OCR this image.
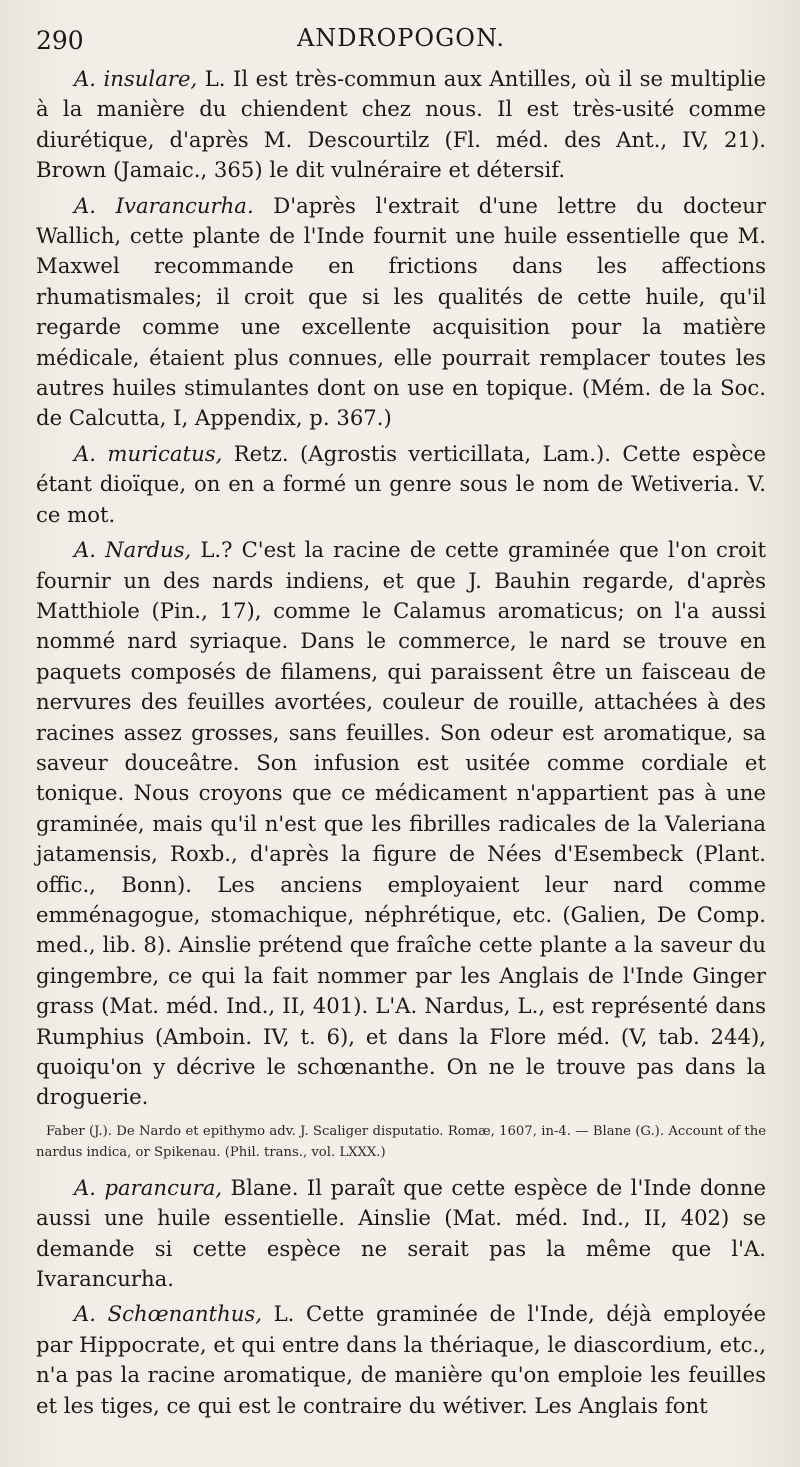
290	ANDROPOGON.

A. insulare, L. Il est très-commun aux Antilles, où il se multiplie à la manière du chiendent chez nous. Il est très-usité comme diurétique, d'après M. Descourtilz (Fl. méd. des Ant., IV, 21). Brown (Jamaic., 365) le dit vulnéraire et détersif.

A. Ivarancurha. D'après l'extrait d'une lettre du docteur Wallich, cette plante de l'Inde fournit une huile essentielle que M. Maxwel recommande en frictions dans les affections rhumatismales; il croit que si les qualités de cette huile, qu'il regarde comme une excellente acquisition pour la matière médicale, étaient plus connues, elle pourrait remplacer toutes les autres huiles stimulantes dont on use en topique. (Mém. de la Soc. de Calcutta, I, Appendix, p. 367.)

A. muricatus, Retz. (Agrostis verticillata, Lam.). Cette espèce étant dioïque, on en a formé un genre sous le nom de Wetiveria. V. ce mot.

A. Nardus, L.? C'est la racine de cette graminée que l'on croit fournir un des nards indiens, et que J. Bauhin regarde, d'après Matthiole (Pin., 17), comme le Calamus aromaticus; on l'a aussi nommé nard syriaque. Dans le commerce, le nard se trouve en paquets composés de filamens, qui paraissent être un faisceau de nervures des feuilles avortées, couleur de rouille, attachées à des racines assez grosses, sans feuilles. Son odeur est aromatique, sa saveur douceâtre. Son infusion est usitée comme cordiale et tonique. Nous croyons que ce médicament n'appartient pas à une graminée, mais qu'il n'est que les fibrilles radicales de la Valeriana jatamensis, Roxb., d'après la figure de Nées d'Esembeck (Plant. offic., Bonn). Les anciens employaient leur nard comme emménagogue, stomachique, néphrétique, etc. (Galien, De Comp. med., lib. 8). Ainslie prétend que fraîche cette plante a la saveur du gingembre, ce qui la fait nommer par les Anglais de l'Inde Ginger grass (Mat. méd. Ind., II, 401). L'A. Nardus, L., est représenté dans Rumphius (Amboin. IV, t. 6), et dans la Flore méd. (V, tab. 244), quoiqu'on y décrive le schœnanthe. On ne le trouve pas dans la droguerie.

Faber (J.). De Nardo et epithymo adv. J. Scaliger disputatio. Romæ, 1607, in-4. — Blane (G.). Account of the nardus indica, or Spikenau. (Phil. trans., vol. LXXX.)

A. parancura, Blane. Il paraît que cette espèce de l'Inde donne aussi une huile essentielle. Ainslie (Mat. méd. Ind., II, 402) se demande si cette espèce ne serait pas la même que l'A. Ivarancurha.

A. Schœnanthus, L. Cette graminée de l'Inde, déjà employée par Hippocrate, et qui entre dans la thériaque, le diascordium, etc., n'a pas la racine aromatique, de manière qu'on emploie les feuilles et les tiges, ce qui est le contraire du wétiver. Les Anglais font
